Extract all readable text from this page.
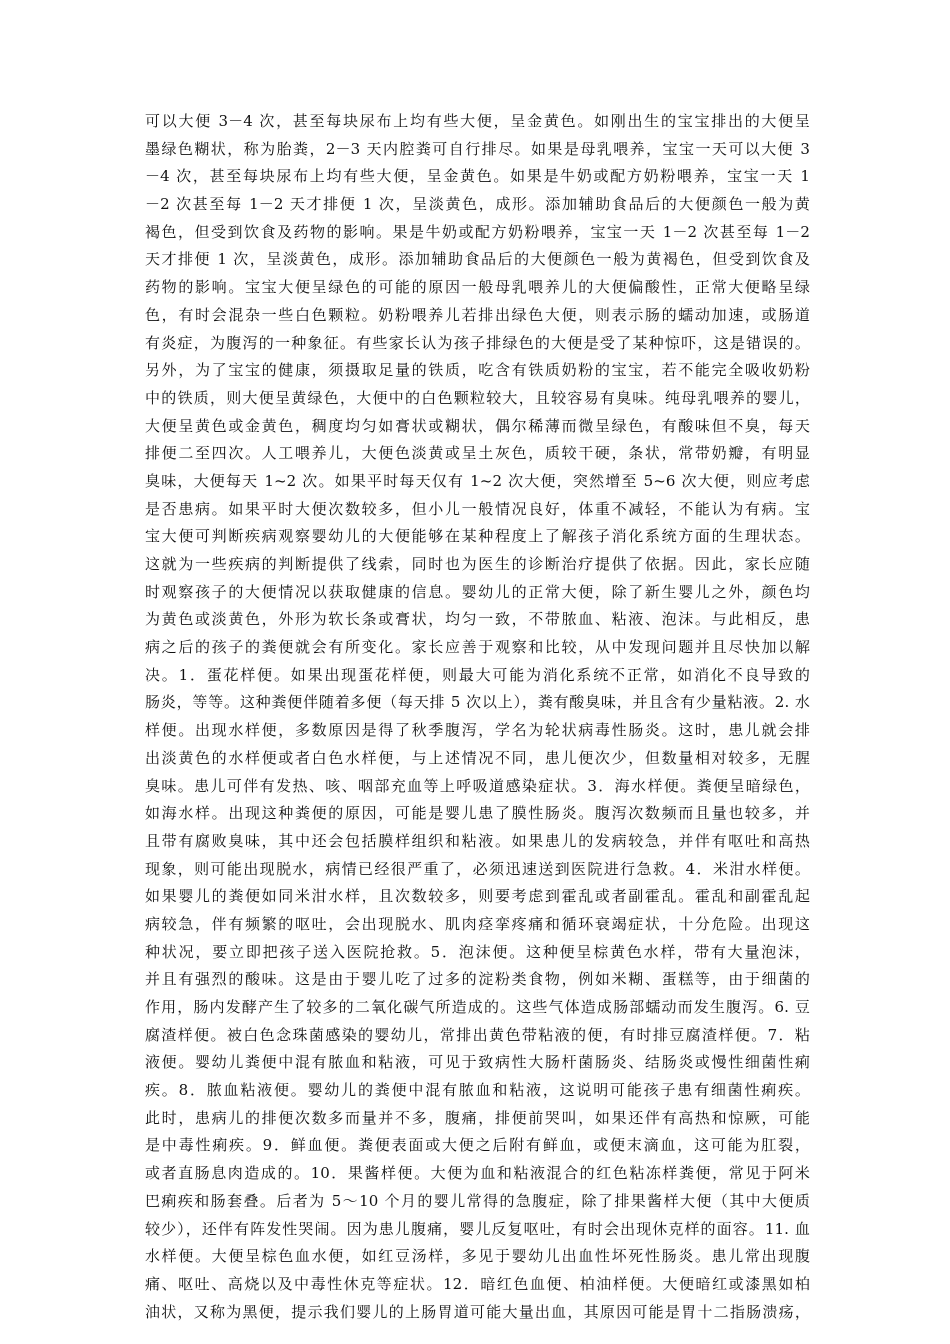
可以大便 3－4 次，甚至每块尿布上均有些大便，呈金黄色。如刚出生的宝宝排出的大便呈
墨绿色糊状，称为胎粪，2－3 天内腔粪可自行排尽。如果是母乳喂养，宝宝一天可以大便 3
－4 次，甚至每块尿布上均有些大便，呈金黄色。如果是牛奶或配方奶粉喂养，宝宝一天 1
－2 次甚至每 1－2 天才排便 1 次，呈淡黄色，成形。添加辅助食品后的大便颜色一般为黄
褐色，但受到饮食及药物的影响。果是牛奶或配方奶粉喂养，宝宝一天 1－2 次甚至每 1－2
天才排便 1 次，呈淡黄色，成形。添加辅助食品后的大便颜色一般为黄褐色，但受到饮食及
药物的影响。宝宝大便呈绿色的可能的原因一般母乳喂养儿的大便偏酸性，正常大便略呈绿
色，有时会混杂一些白色颗粒。奶粉喂养儿若排出绿色大便，则表示肠的蠕动加速，或肠道
有炎症，为腹泻的一种象征。有些家长认为孩子排绿色的大便是受了某种惊吓，这是错误的。
另外，为了宝宝的健康，须摄取足量的铁质，吃含有铁质奶粉的宝宝，若不能完全吸收奶粉
中的铁质，则大便呈黄绿色，大便中的白色颗粒较大，且较容易有臭味。纯母乳喂养的婴儿，
大便呈黄色或金黄色，稠度均匀如膏状或糊状，偶尔稀薄而微呈绿色，有酸味但不臭，每天
排便二至四次。人工喂养儿，大便色淡黄或呈土灰色，质较干硬，条状，常带奶瓣，有明显
臭味，大便每天 1~2 次。如果平时每天仅有 1~2 次大便，突然增至 5~6 次大便，则应考虑
是否患病。如果平时大便次数较多，但小儿一般情况良好，体重不减轻，不能认为有病。宝
宝大便可判断疾病观察婴幼儿的大便能够在某种程度上了解孩子消化系统方面的生理状态。
这就为一些疾病的判断提供了线索，同时也为医生的诊断治疗提供了依据。因此，家长应随
时观察孩子的大便情况以获取健康的信息。婴幼儿的正常大便，除了新生婴儿之外，颜色均
为黄色或淡黄色，外形为软长条或膏状，均匀一致，不带脓血、粘液、泡沫。与此相反，患
病之后的孩子的粪便就会有所变化。家长应善于观察和比较，从中发现问题并且尽快加以解
决。1．蛋花样便。如果出现蛋花样便，则最大可能为消化系统不正常，如消化不良导致的
肠炎，等等。这种粪便伴随着多便（每天排 5 次以上），粪有酸臭味，并且含有少量粘液。2. 水
样便。出现水样便，多数原因是得了秋季腹泻，学名为轮状病毒性肠炎。这时，患儿就会排
出淡黄色的水样便或者白色水样便，与上述情况不同，患儿便次少，但数量相对较多，无腥
臭味。患儿可伴有发热、咳、咽部充血等上呼吸道感染症状。3．海水样便。粪便呈暗绿色，
如海水样。出现这种粪便的原因，可能是婴儿患了膜性肠炎。腹泻次数频而且量也较多，并
且带有腐败臭味，其中还会包括膜样组织和粘液。如果患儿的发病较急，并伴有呕吐和高热
现象，则可能出现脱水，病情已经很严重了，必须迅速送到医院进行急救。4．米泔水样便。
如果婴儿的粪便如同米泔水样，且次数较多，则要考虑到霍乱或者副霍乱。霍乱和副霍乱起
病较急，伴有频繁的呕吐，会出现脱水、肌肉痉挛疼痛和循环衰竭症状，十分危险。出现这
种状况，要立即把孩子送入医院抢救。5．泡沫便。这种便呈棕黄色水样，带有大量泡沫，
并且有强烈的酸味。这是由于婴儿吃了过多的淀粉类食物，例如米糊、蛋糕等，由于细菌的
作用，肠内发酵产生了较多的二氧化碳气所造成的。这些气体造成肠部蠕动而发生腹泻。6. 豆
腐渣样便。被白色念珠菌感染的婴幼儿，常排出黄色带粘液的便，有时排豆腐渣样便。7．粘
液便。婴幼儿粪便中混有脓血和粘液，可见于致病性大肠杆菌肠炎、结肠炎或慢性细菌性痢
疾。8．脓血粘液便。婴幼儿的粪便中混有脓血和粘液，这说明可能孩子患有细菌性痢疾。
此时，患病儿的排便次数多而量并不多，腹痛，排便前哭叫，如果还伴有高热和惊厥，可能
是中毒性痢疾。9．鲜血便。粪便表面或大便之后附有鲜血，或便末滴血，这可能为肛裂，
或者直肠息肉造成的。10．果酱样便。大便为血和粘液混合的红色粘冻样粪便，常见于阿米
巴痢疾和肠套叠。后者为 5～10 个月的婴儿常得的急腹症，除了排果酱样大便（其中大便质
较少），还伴有阵发性哭闹。因为患儿腹痛，婴儿反复呕吐，有时会出现休克样的面容。11. 血
水样便。大便呈棕色血水便，如红豆汤样，多见于婴幼儿出血性坏死性肠炎。患儿常出现腹
痛、呕吐、高烧以及中毒性休克等症状。12．暗红色血便、柏油样便。大便暗红或漆黑如柏
油状，又称为黑便，提示我们婴儿的上肠胃道可能大量出血，其原因可能是胃十二指肠溃疡，
